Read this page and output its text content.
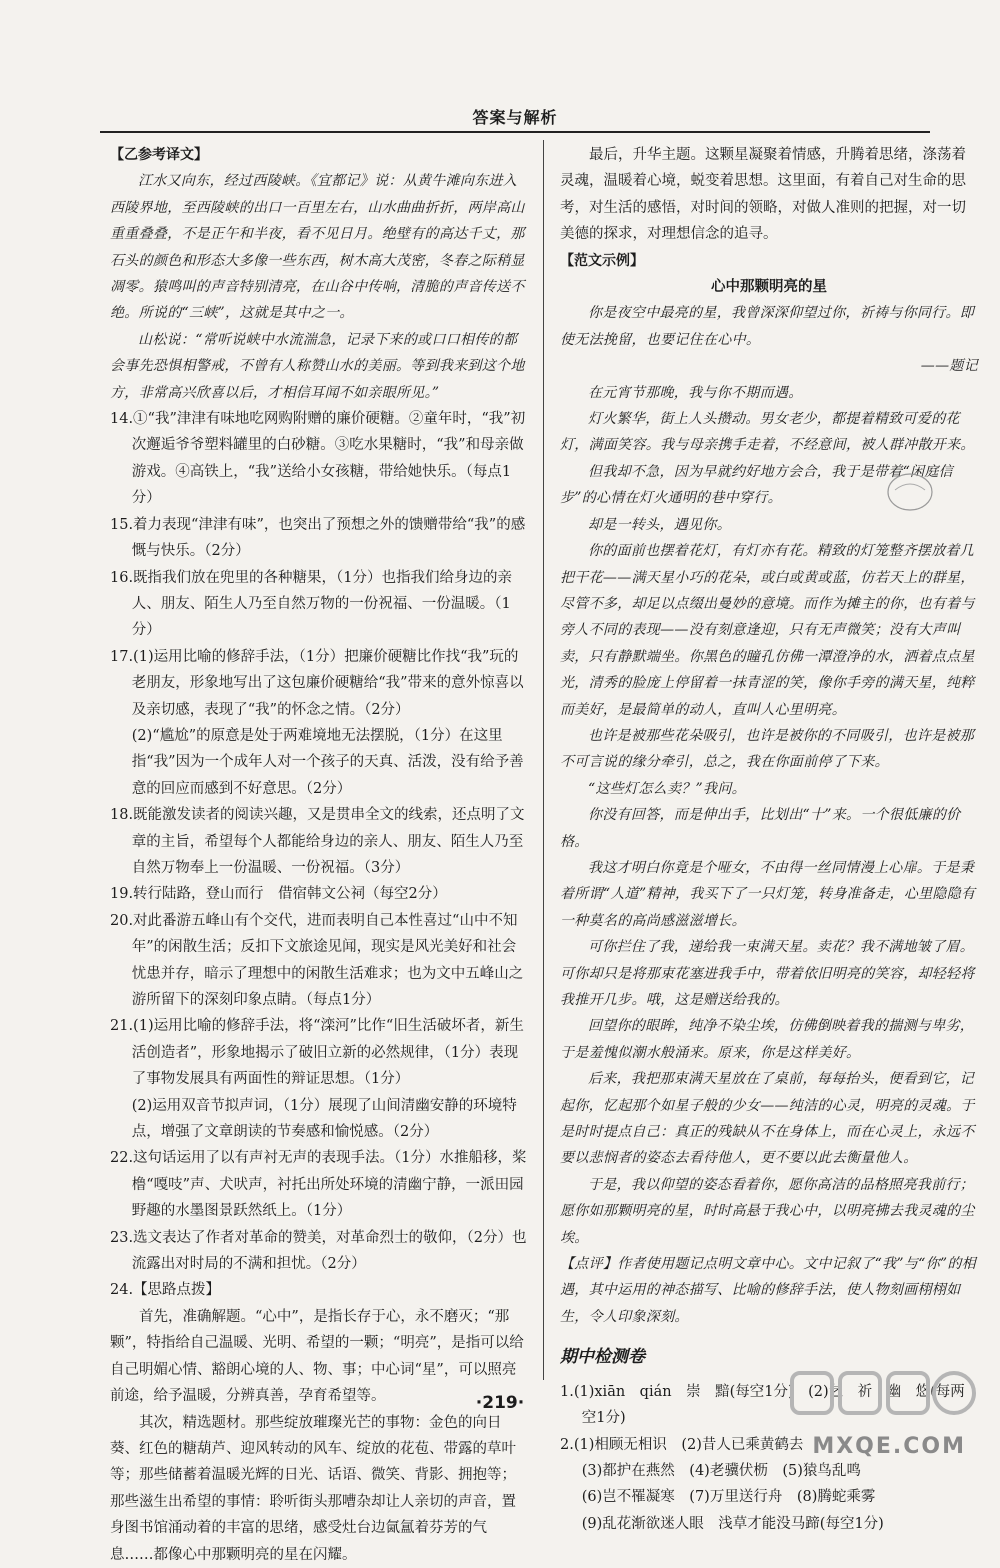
答案与解析

【乙参考译文】

江水又向东，经过西陵峡。《宜都记》说：从黄牛滩向东进入西陵界地，至西陵峡的出口一百里左右，山水曲曲折折，两岸高山重重叠叠，不是正午和半夜，看不见日月。绝壁有的高达千丈，那石头的颜色和形态大多像一些东西，树木高大茂密，冬春之际稍显凋零。猿鸣叫的声音特别清亮，在山谷中传响，清脆的声音传送不绝。所说的“三峡”，这就是其中之一。

山松说：“常听说峡中水流湍急，记录下来的或口口相传的都会事先恐惧相警戒，不曾有人称赞山水的美丽。等到我来到这个地方，非常高兴欣喜以后，才相信耳闻不如亲眼所见。”

14.①“我”津津有味地吃网购附赠的廉价硬糖。②童年时，“我”初次邂逅爷爷塑料罐里的白砂糖。③吃水果糖时，“我”和母亲做游戏。④高铁上，“我”送给小女孩糖，带给她快乐。（每点1分）

15.着力表现“津津有味”，也突出了预想之外的馈赠带给“我”的感慨与快乐。（2分）

16.既指我们放在兜里的各种糖果，（1分）也指我们给身边的亲人、朋友、陌生人乃至自然万物的一份祝福、一份温暖。（1分）

17.(1)运用比喻的修辞手法，（1分）把廉价硬糖比作找“我”玩的老朋友，形象地写出了这包廉价硬糖给“我”带来的意外惊喜以及亲切感，表现了“我”的怀念之情。（2分）

(2)“尴尬”的原意是处于两难境地无法摆脱，（1分）在这里指“我”因为一个成年人对一个孩子的天真、活泼，没有给予善意的回应而感到不好意思。（2分）

18.既能激发读者的阅读兴趣，又是贯串全文的线索，还点明了文章的主旨，希望每个人都能给身边的亲人、朋友、陌生人乃至自然万物奉上一份温暖、一份祝福。（3分）

19.转行陆路，登山而行　借宿韩文公祠（每空2分）

20.对此番游五峰山有个交代，进而表明自己本性喜过“山中不知年”的闲散生活；反扣下文旅途见闻，现实是风光美好和社会忧患并存，暗示了理想中的闲散生活难求；也为文中五峰山之游所留下的深刻印象点睛。（每点1分）

21.(1)运用比喻的修辞手法，将“滦河”比作“旧生活破坏者，新生活创造者”，形象地揭示了破旧立新的必然规律，（1分）表现了事物发展具有两面性的辩证思想。（1分）

(2)运用双音节拟声词，（1分）展现了山间清幽安静的环境特点，增强了文章朗读的节奏感和愉悦感。（2分）

22.这句话运用了以有声衬无声的表现手法。（1分）水推船移，桨橹“嘎吱”声、犬吠声，衬托出所处环境的清幽宁静，一派田园野趣的水墨图景跃然纸上。（1分）

23.选文表达了作者对革命的赞美，对革命烈士的敬仰，（2分）也流露出对时局的不满和担忧。（2分）

24.【思路点拨】

首先，准确解题。“心中”，是指长存于心，永不磨灭；“那颗”，特指给自己温暖、光明、希望的一颗；“明亮”，是指可以给自己明媚心情、豁朗心境的人、物、事；中心词“星”，可以照亮前途，给予温暖，分辨真善，孕育希望等。

其次，精选题材。那些绽放璀璨光芒的事物：金色的向日葵、红色的糖葫芦、迎风转动的风车、绽放的花苞、带露的草叶等；那些储蓄着温暖光辉的日光、话语、微笑、背影、拥抱等；那些滋生出希望的事情：聆听街头那嘈杂却让人亲切的声音，置身图书馆涌动着的丰富的思绪，感受灶台边氤氲着芬芳的气息……都像心中那颗明亮的星在闪耀。

最后，升华主题。这颗星凝聚着情感，升腾着思绪，涤荡着灵魂，温暖着心境，蜕变着思想。这里面，有着自己对生命的思考，对生活的感悟，对时间的领略，对做人准则的把握，对一切美德的探求，对理想信念的追寻。

【范文示例】

心中那颗明亮的星

你是夜空中最亮的星，我曾深深仰望过你，祈祷与你同行。即使无法挽留，也要记住在心中。

——题记

在元宵节那晚，我与你不期而遇。

灯火繁华，街上人头攒动。男女老少，都提着精致可爱的花灯，满面笑容。我与母亲携手走着，不经意间，被人群冲散开来。

但我却不急，因为早就约好地方会合，我于是带着“闲庭信步”的心情在灯火通明的巷中穿行。

却是一转头，遇见你。

你的面前也摆着花灯，有灯亦有花。精致的灯笼整齐摆放着几把干花——满天星小巧的花朵，或白或黄或蓝，仿若天上的群星，尽管不多，却足以点缀出曼妙的意境。而作为摊主的你，也有着与旁人不同的表现——没有刻意逢迎，只有无声微笑；没有大声叫卖，只有静默端坐。你黑色的瞳孔仿佛一潭澄净的水，洒着点点星光，清秀的脸庞上停留着一抹青涩的笑，像你手旁的满天星，纯粹而美好，是最简单的动人，直叫人心里明亮。

也许是被那些花朵吸引，也许是被你的不同吸引，也许是被那不可言说的缘分牵引，总之，我在你面前停了下来。

“这些灯怎么卖？”我问。

你没有回答，而是伸出手，比划出“十”来。一个很低廉的价格。

我这才明白你竟是个哑女，不由得一丝同情漫上心扉。于是秉着所谓“人道”精神，我买下了一只灯笼，转身准备走，心里隐隐有一种莫名的高尚感滋滋增长。

可你拦住了我，递给我一束满天星。卖花？我不满地皱了眉。可你却只是将那束花塞进我手中，带着依旧明亮的笑容，却轻轻将我推开几步。哦，这是赠送给我的。

回望你的眼眸，纯净不染尘埃，仿佛倒映着我的揣测与卑劣，于是羞愧似潮水般涌来。原来，你是这样美好。

后来，我把那束满天星放在了桌前，每每抬头，便看到它，记起你，忆起那个如星子般的少女——纯洁的心灵，明亮的灵魂。于是时时提点自己：真正的残缺从不在身体上，而在心灵上，永远不要以悲悯者的姿态去看待他人，更不要以此去衡量他人。

于是，我以仰望的姿态看着你，愿你高洁的品格照亮我前行；愿你如那颗明亮的星，时时高悬于我心中，以明亮拂去我灵魂的尘埃。

【点评】作者使用题记点明文章中心。文中记叙了“我”与“你”的相遇，其中运用的神态描写、比喻的修辞手法，使人物刻画栩栩如生，令人印象深刻。

期中检测卷

1.(1)xiān　qián　崇　黯(每空1分)　(2)乞　祈　幽　悠(每两空1分)

2.(1)相顾无相识　(2)昔人已乘黄鹤去

(3)都护在燕然　(4)老骥伏枥　(5)猿鸟乱鸣

(6)岂不罹凝寒　(7)万里送行舟　(8)腾蛇乘雾

(9)乱花渐欲迷人眼　浅草才能没马蹄(每空1分)

·219·
MXQE.COM
